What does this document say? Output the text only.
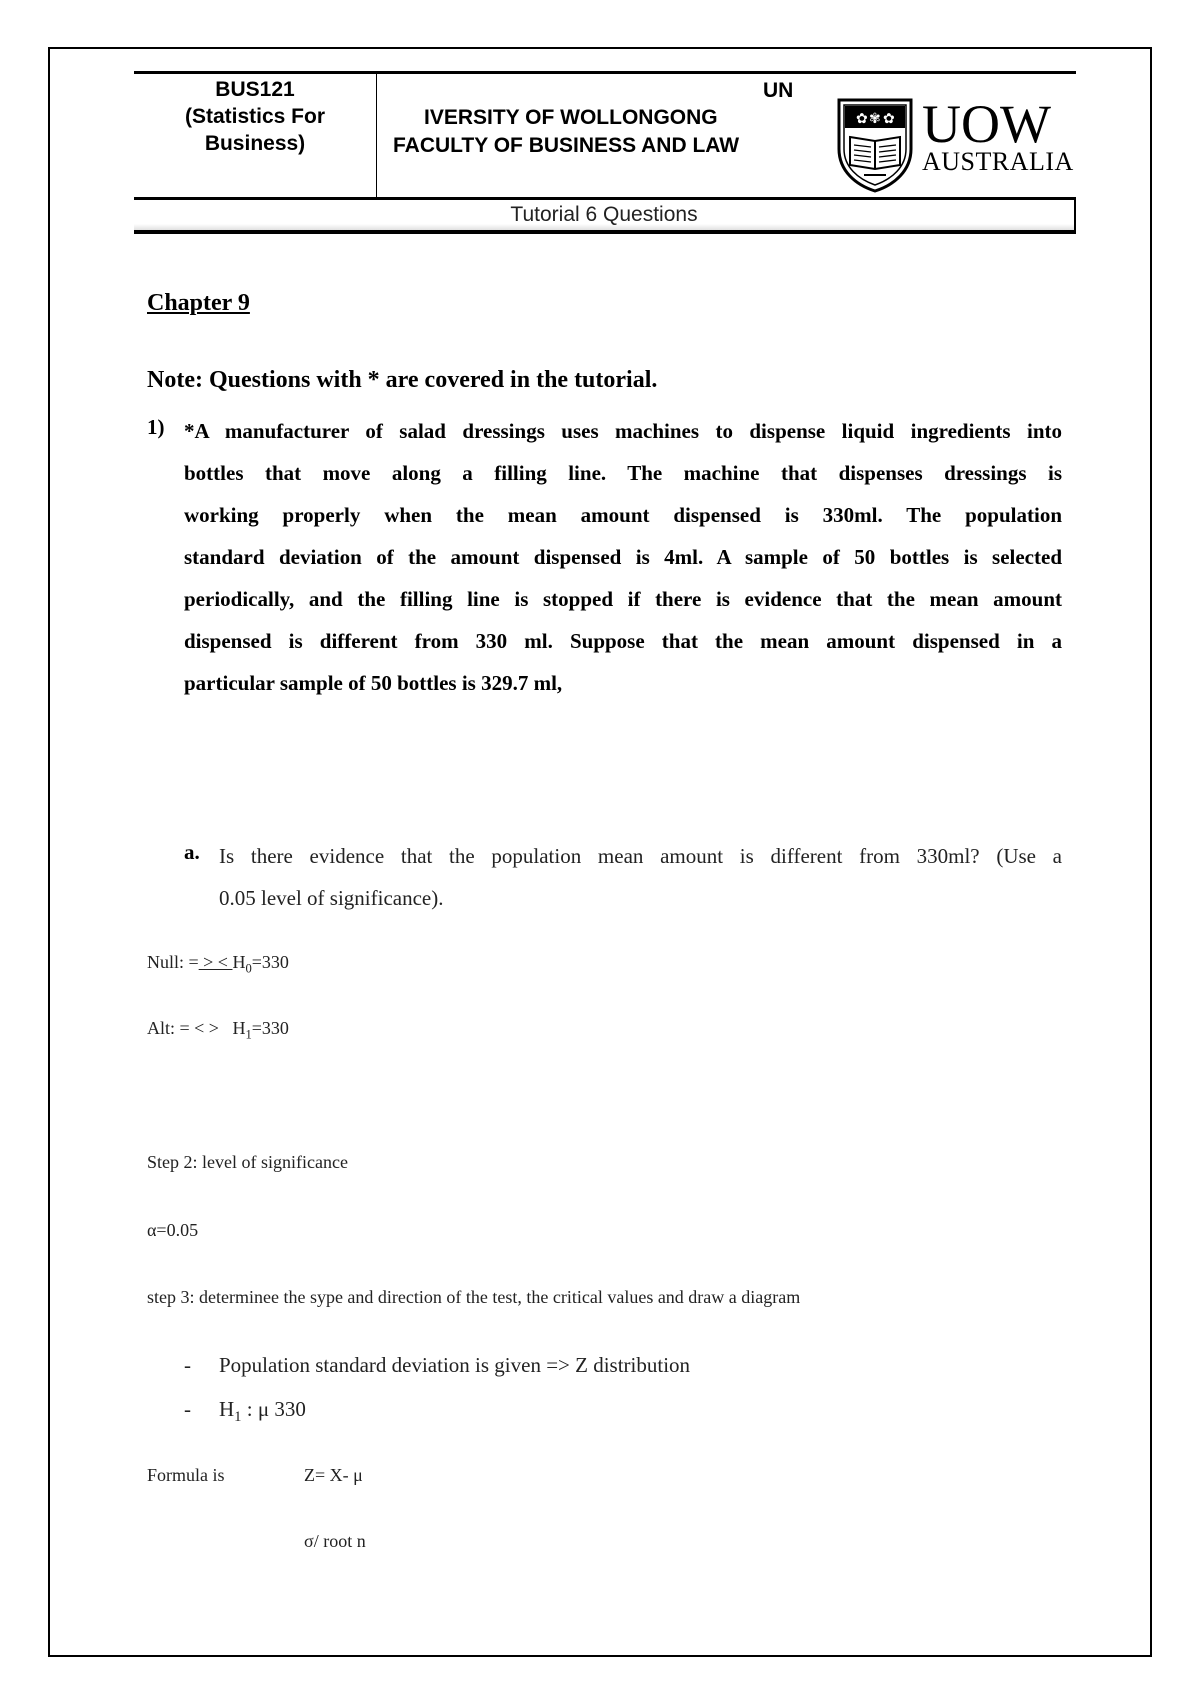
BUS121
(Statistics For
Business)
UN
IVERSITY OF WOLLONGONG
FACULTY OF BUSINESS AND LAW
✿ ✾ ✿ UOW
AUSTRALIA
Tutorial 6 Questions
Chapter 9
Note: Questions with * are covered in the tutorial.
1) *A manufacturer of salad dressings uses machines to dispense liquid ingredients into

bottles that move along a filling line. The machine that dispenses dressings is

working properly when the mean amount dispensed is 330ml. The population

standard deviation of the amount dispensed is 4ml. A sample of 50 bottles is selected

periodically, and the filling line is stopped if there is evidence that the mean amount

dispensed is different from 330 ml. Suppose that the mean amount dispensed in a

particular sample of 50 bottles is 329.7 ml,

a. Is there evidence that the population mean amount is different from 330ml? (Use a

0.05 level of significance).

Null: = > < $H_0=330$
Alt: = < > $H_1=330$
Step 2: level of significance
α=0.05
step 3: determinee the sype and direction of the test, the critical values and draw a diagram
- Population standard deviation is given => Z distribution
- $H_1$ : μ 330
Formula is	Z= X- μ
σ/ root n
